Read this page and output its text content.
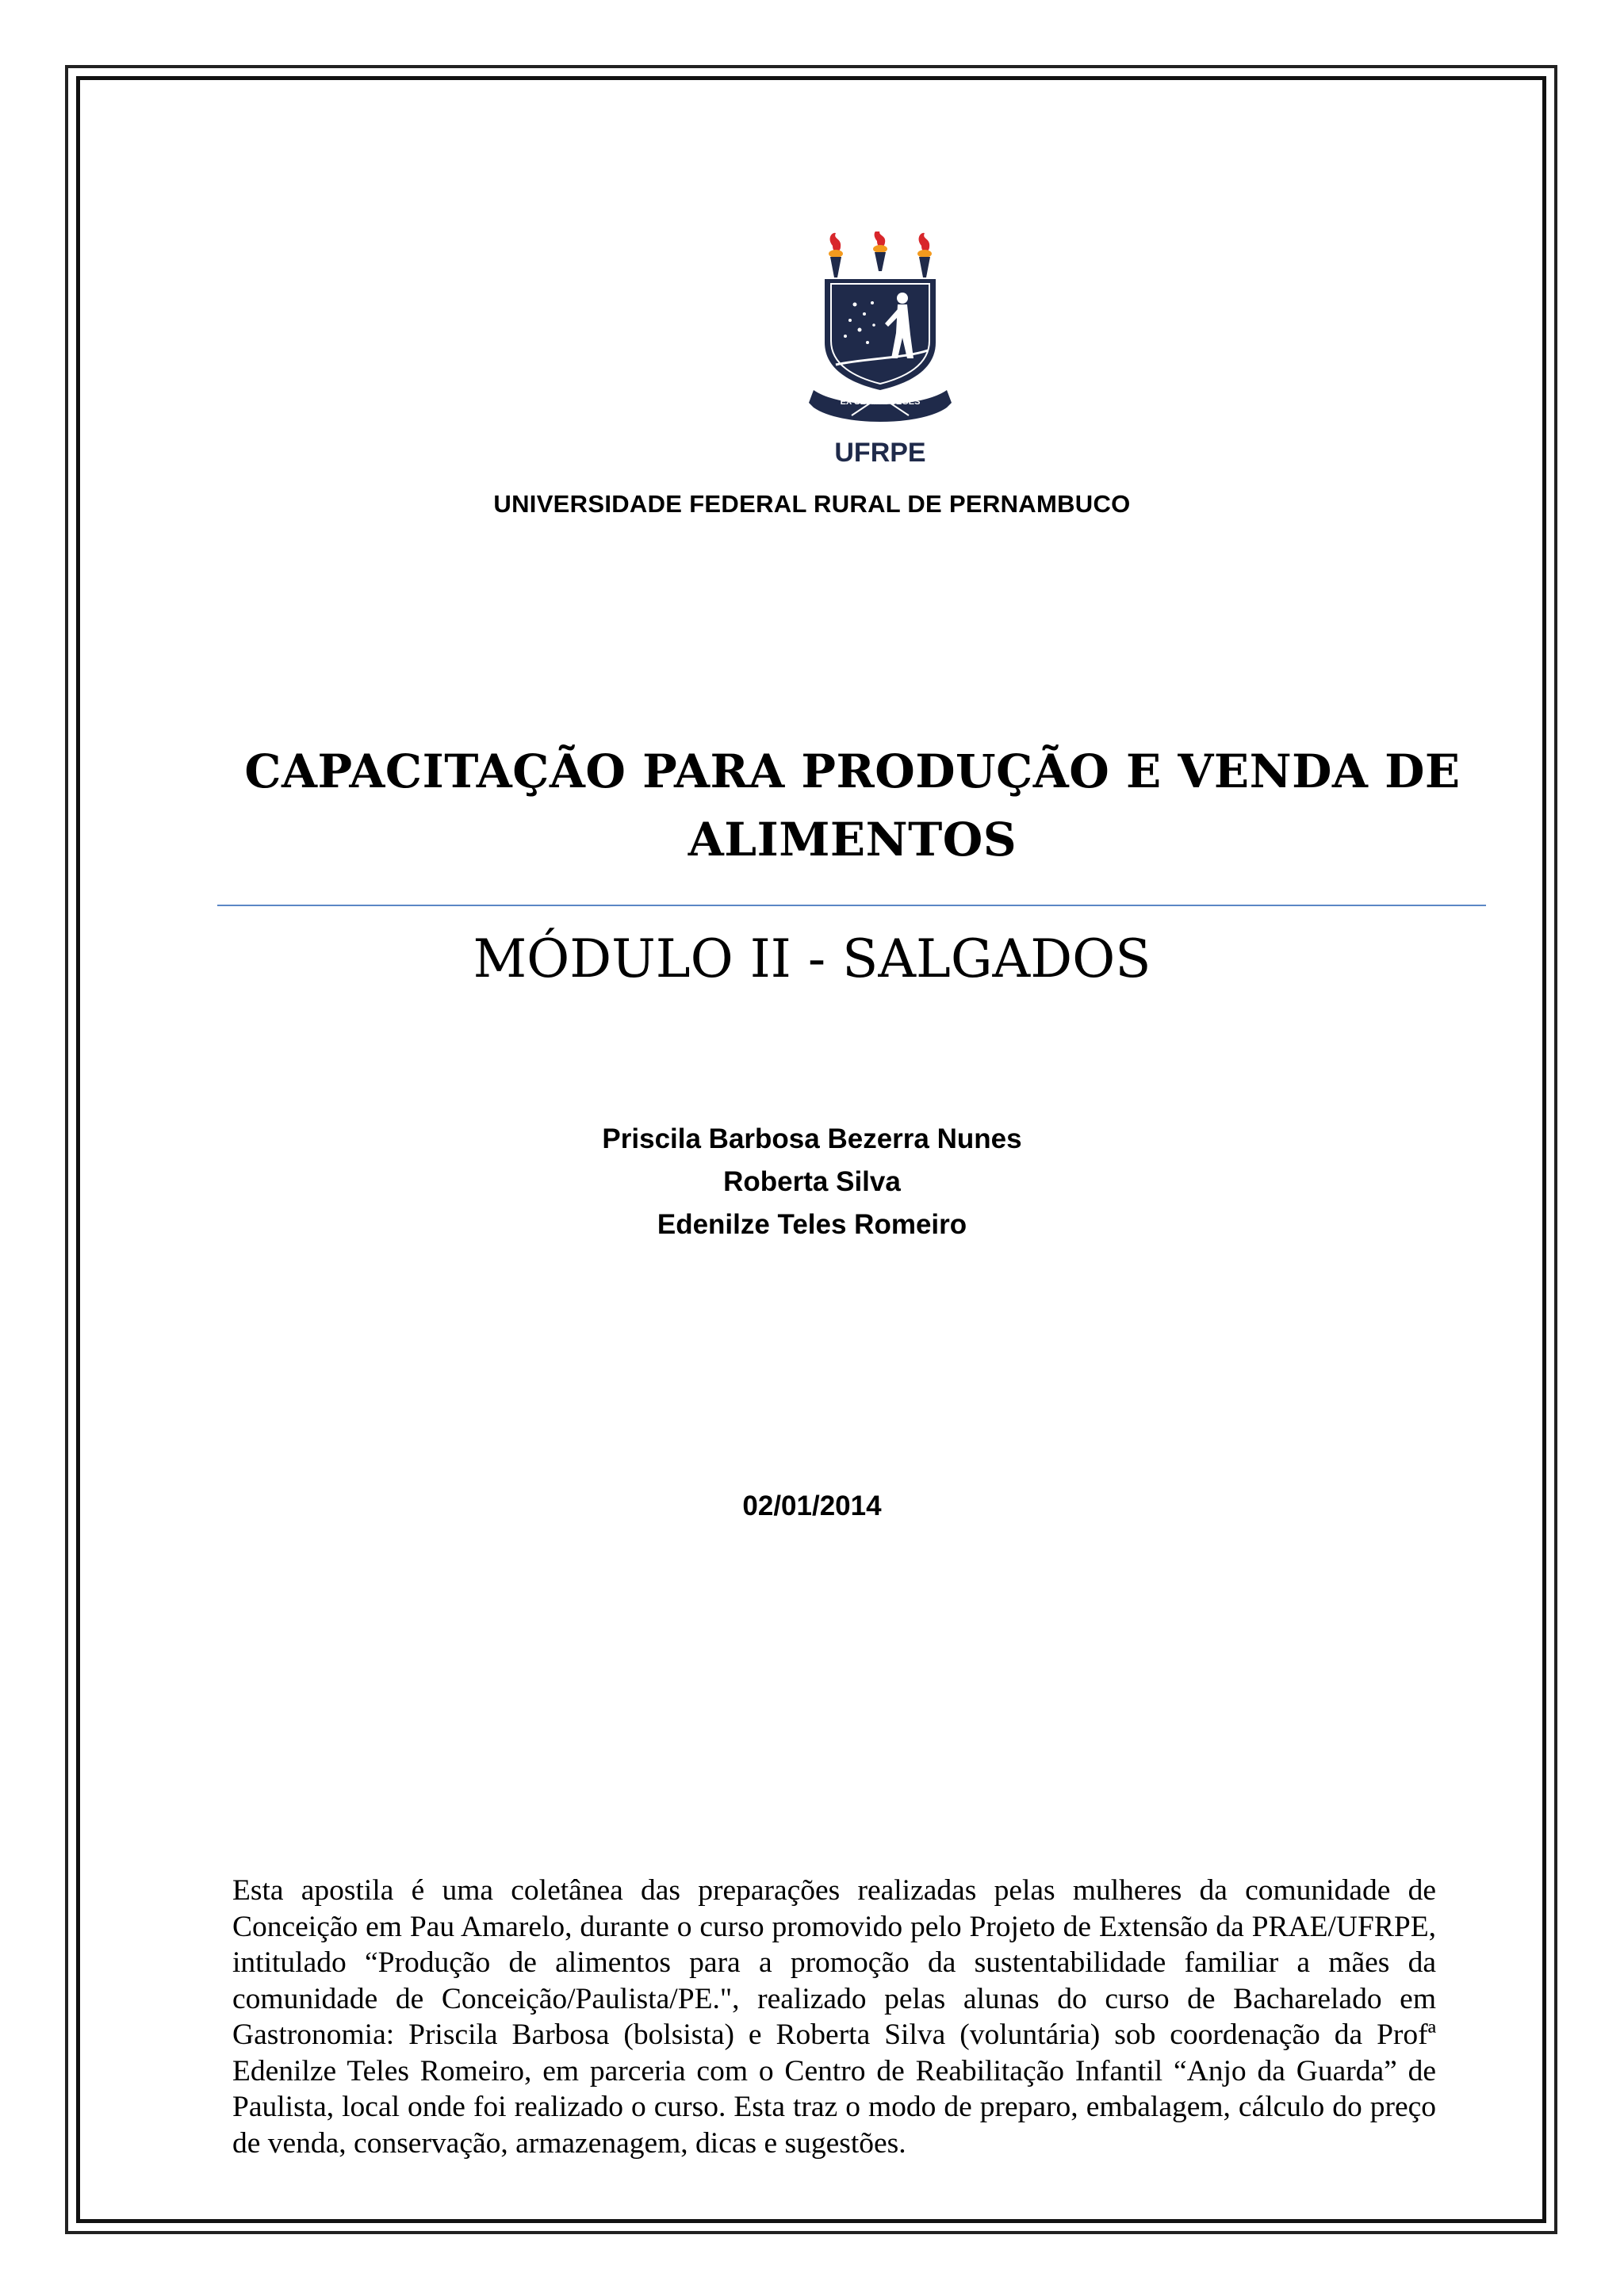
EX SEMINE SEGES
UFRPE
UNIVERSIDADE FEDERAL RURAL DE PERNAMBUCO
CAPACITAÇÃO PARA PRODUÇÃO E VENDA DE
ALIMENTOS
MÓDULO II - SALGADOS
Priscila Barbosa Bezerra Nunes
Roberta Silva
Edenilze Teles Romeiro
02/01/2014
Esta apostila é uma coletânea das preparações realizadas pelas mulheres da comunidade de Conceição em Pau Amarelo, durante o curso promovido pelo Projeto de Extensão da PRAE/UFRPE, intitulado “Produção de alimentos para a promoção da sustentabilidade familiar a mães da comunidade de Conceição/Paulista/PE.", realizado pelas alunas do curso de Bacharelado em Gastronomia: Priscila Barbosa (bolsista) e Roberta Silva (voluntária) sob coordenação da Profª Edenilze Teles Romeiro, em parceria com o Centro de Reabilitação Infantil “Anjo da Guarda” de Paulista, local onde foi realizado o curso. Esta traz o modo de preparo, embalagem, cálculo do preço de venda, conservação, armazenagem, dicas e sugestões.
